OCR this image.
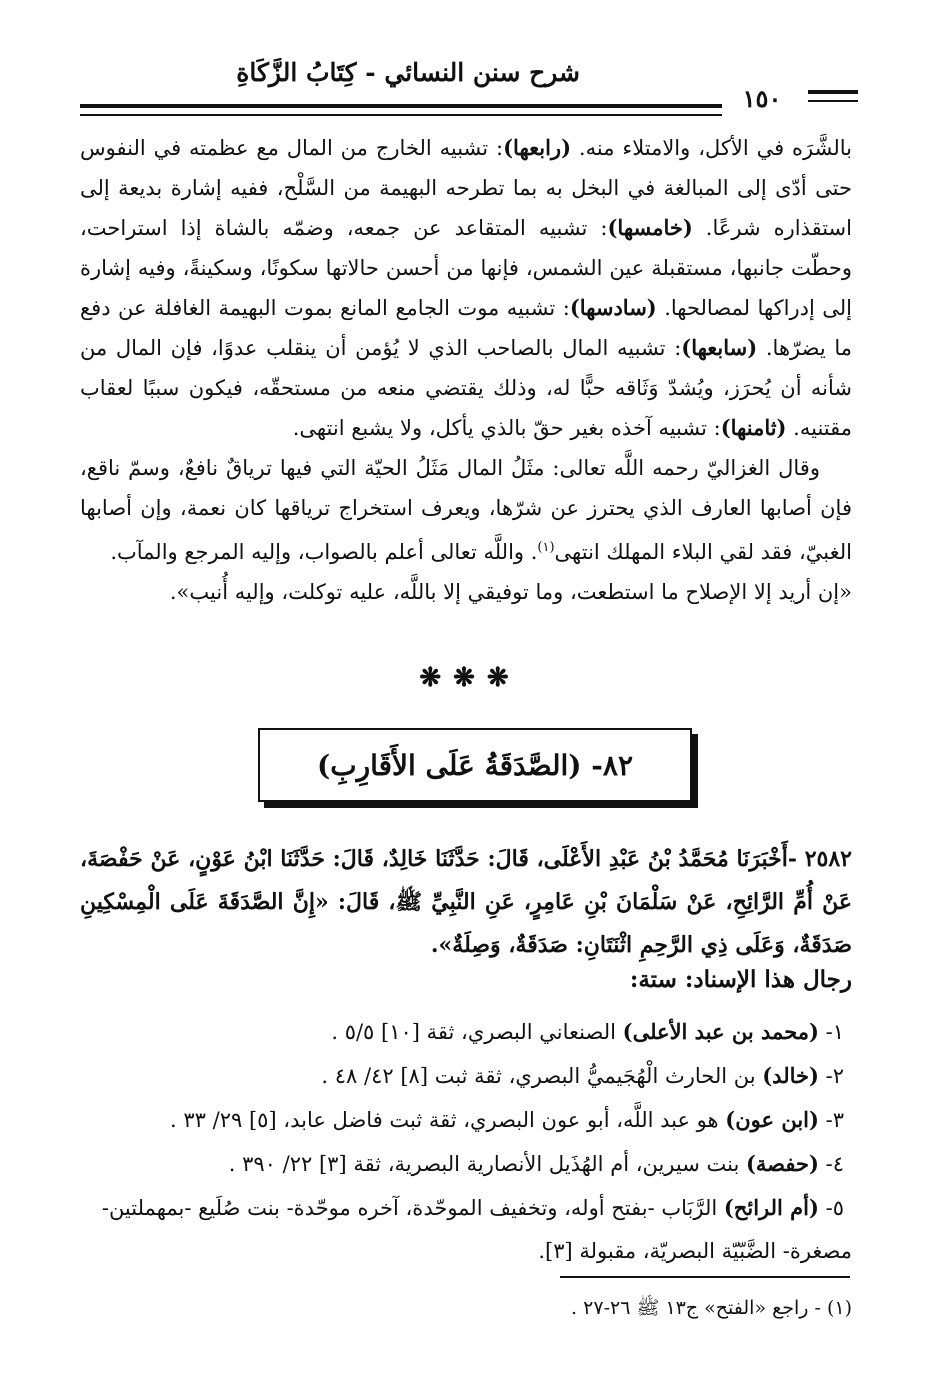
شرح سنن النسائي - كِتَابُ الزَّكَاةِ
١٥٠

بالشَّرَه في الأكل، والامتلاء منه. (رابعها): تشبيه الخارج من المال مع عظمته في النفوس حتى أدّى إلى المبالغة في البخل به بما تطرحه البهيمة من السَّلْح، ففيه إشارة بديعة إلى استقذاره شرعًا. (خامسها): تشبيه المتقاعد عن جمعه، وضمّه بالشاة إذا استراحت، وحطّت جانبها، مستقبلة عين الشمس، فإنها من أحسن حالاتها سكونًا، وسكينةً، وفيه إشارة إلى إدراكها لمصالحها. (سادسها): تشبيه موت الجامع المانع بموت البهيمة الغافلة عن دفع ما يضرّها. (سابعها): تشبيه المال بالصاحب الذي لا يُؤمن أن ينقلب عدوًا، فإن المال من شأنه أن يُحرَز، ويُشدّ وَثَاقه حبًّا له، وذلك يقتضي منعه من مستحقّه، فيكون سببًا لعقاب مقتنيه. (ثامنها): تشبيه آخذه بغير حقّ بالذي يأكل، ولا يشبع انتهى.

وقال الغزاليّ رحمه اللَّه تعالى: مثَلُ المال مَثَلُ الحيّة التي فيها ترياقٌ نافعٌ، وسمّ ناقع، فإن أصابها العارف الذي يحترز عن شرّها، ويعرف استخراج ترياقها كان نعمة، وإن أصابها الغبيّ، فقد لقي البلاء المهلك انتهى$^{(١)}$. واللَّه تعالى أعلم بالصواب، وإليه المرجع والمآب.

«إن أريد إلا الإصلاح ما استطعت، وما توفيقي إلا باللَّه، عليه توكلت، وإليه أُنيب».

❋❋❋
٨٢- (الصَّدَقَةُ عَلَى الأَقَارِبِ)

٢٥٨٢ -أَخْبَرَنَا مُحَمَّدُ بْنُ عَبْدِ الأَعْلَى، قَالَ: حَدَّثَنَا خَالِدٌ، قَالَ: حَدَّثَنَا ابْنُ عَوْنٍ، عَنْ حَفْصَةَ، عَنْ أُمِّ الرَّائِحِ، عَنْ سَلْمَانَ بْنِ عَامِرٍ، عَنِ النَّبِيِّ ﷺ، قَالَ: «إِنَّ الصَّدَقَةَ عَلَى الْمِسْكِينِ صَدَقَةٌ، وَعَلَى ذِي الرَّحِمِ اثْنَتَانِ: صَدَقَةٌ، وَصِلَةٌ».

رجال هذا الإسناد: ستة:

١- (محمد بن عبد الأعلى) الصنعاني البصري، ثقة [١٠] ٥/٥ .

٢- (خالد) بن الحارث الْهُجَيميُّ البصري، ثقة ثبت [٨] ٤٢/ ٤٨ .

٣- (ابن عون) هو عبد اللَّه، أبو عون البصري، ثقة ثبت فاضل عابد، [٥] ٢٩/ ٣٣ .

٤- (حفصة) بنت سيرين، أم الهُذَيل الأنصارية البصرية، ثقة [٣] ٢٢/ ٣٩٠ .

٥- (أم الرائح) الرَّبَاب -بفتح أوله، وتخفيف الموحّدة، آخره موحّدة- بنت صُلَيع -بمهملتين- مصغرة- الضَّبّيّة البصريّة، مقبولة [٣].

(١) - راجع «الفتح» ج١٣ ﷺ ٢٦-٢٧ .
